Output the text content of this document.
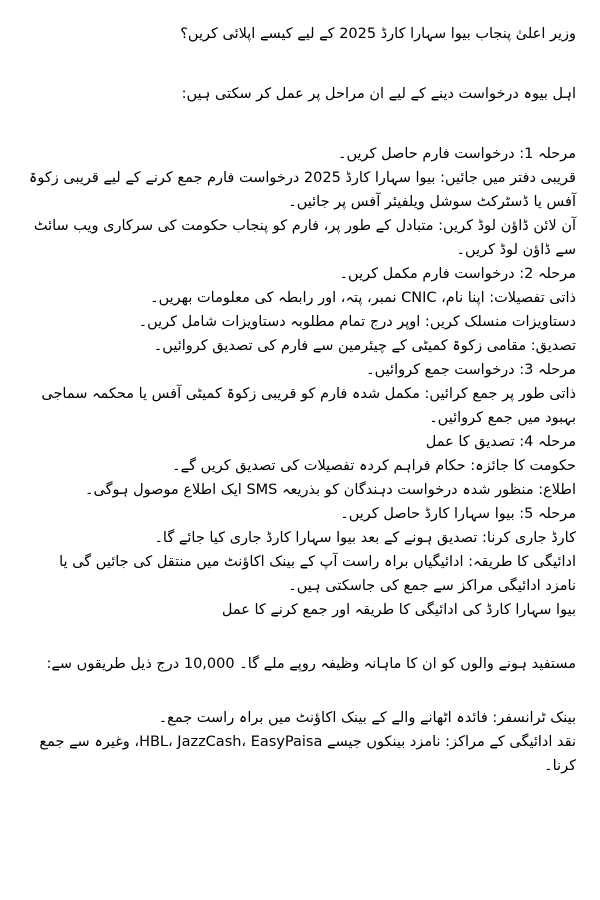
وزیر اعلیٰ پنجاب بیوا سہارا کارڈ 2025 کے لیے کیسے اپلائی کریں؟

اہل بیوہ درخواست دینے کے لیے ان مراحل پر عمل کر سکتی ہیں:

مرحلہ 1: درخواست فارم حاصل کریں۔

قریبی دفتر میں جائیں: بیوا سہارا کارڈ 2025 درخواست فارم جمع کرنے کے لیے قریبی زکوۃ آفس یا ڈسٹرکٹ سوشل ویلفیئر آفس پر جائیں۔

آن لائن ڈاؤن لوڈ کریں: متبادل کے طور پر، فارم کو پنجاب حکومت کی سرکاری ویب سائٹ سے ڈاؤن لوڈ کریں۔

مرحلہ 2: درخواست فارم مکمل کریں۔

ذاتی تفصیلات: اپنا نام، CNIC نمبر، پتہ، اور رابطہ کی معلومات بھریں۔

دستاویزات منسلک کریں: اوپر درج تمام مطلوبہ دستاویزات شامل کریں۔

تصدیق: مقامی زکوۃ کمیٹی کے چیئرمین سے فارم کی تصدیق کروائیں۔

مرحلہ 3: درخواست جمع کروائیں۔

ذاتی طور پر جمع کرائیں: مکمل شدہ فارم کو قریبی زکوۃ کمیٹی آفس یا محکمہ سماجی بہبود میں جمع کروائیں۔

مرحلہ 4: تصدیق کا عمل

حکومت کا جائزہ: حکام فراہم کردہ تفصیلات کی تصدیق کریں گے۔

اطلاع: منظور شدہ درخواست دہندگان کو بذریعہ SMS ایک اطلاع موصول ہوگی۔

مرحلہ 5: بیوا سہارا کارڈ حاصل کریں۔

کارڈ جاری کرنا: تصدیق ہونے کے بعد بیوا سہارا کارڈ جاری کیا جائے گا۔

ادائیگی کا طریقہ: ادائیگیاں براہ راست آپ کے بینک اکاؤنٹ میں منتقل کی جائیں گی یا نامزد ادائیگی مراکز سے جمع کی جاسکتی ہیں۔

بیوا سہارا کارڈ کی ادائیگی کا طریقہ اور جمع کرنے کا عمل

مستفید ہونے والوں کو ان کا ماہانہ وظیفہ روپے ملے گا۔ 10,000 درج ذیل طریقوں سے:

بینک ٹرانسفر: فائدہ اٹھانے والے کے بینک اکاؤنٹ میں براہ راست جمع۔

نقد ادائیگی کے مراکز: نامزد بینکوں جیسے HBL، JazzCash، EasyPaisa، وغیرہ سے جمع کرنا۔
